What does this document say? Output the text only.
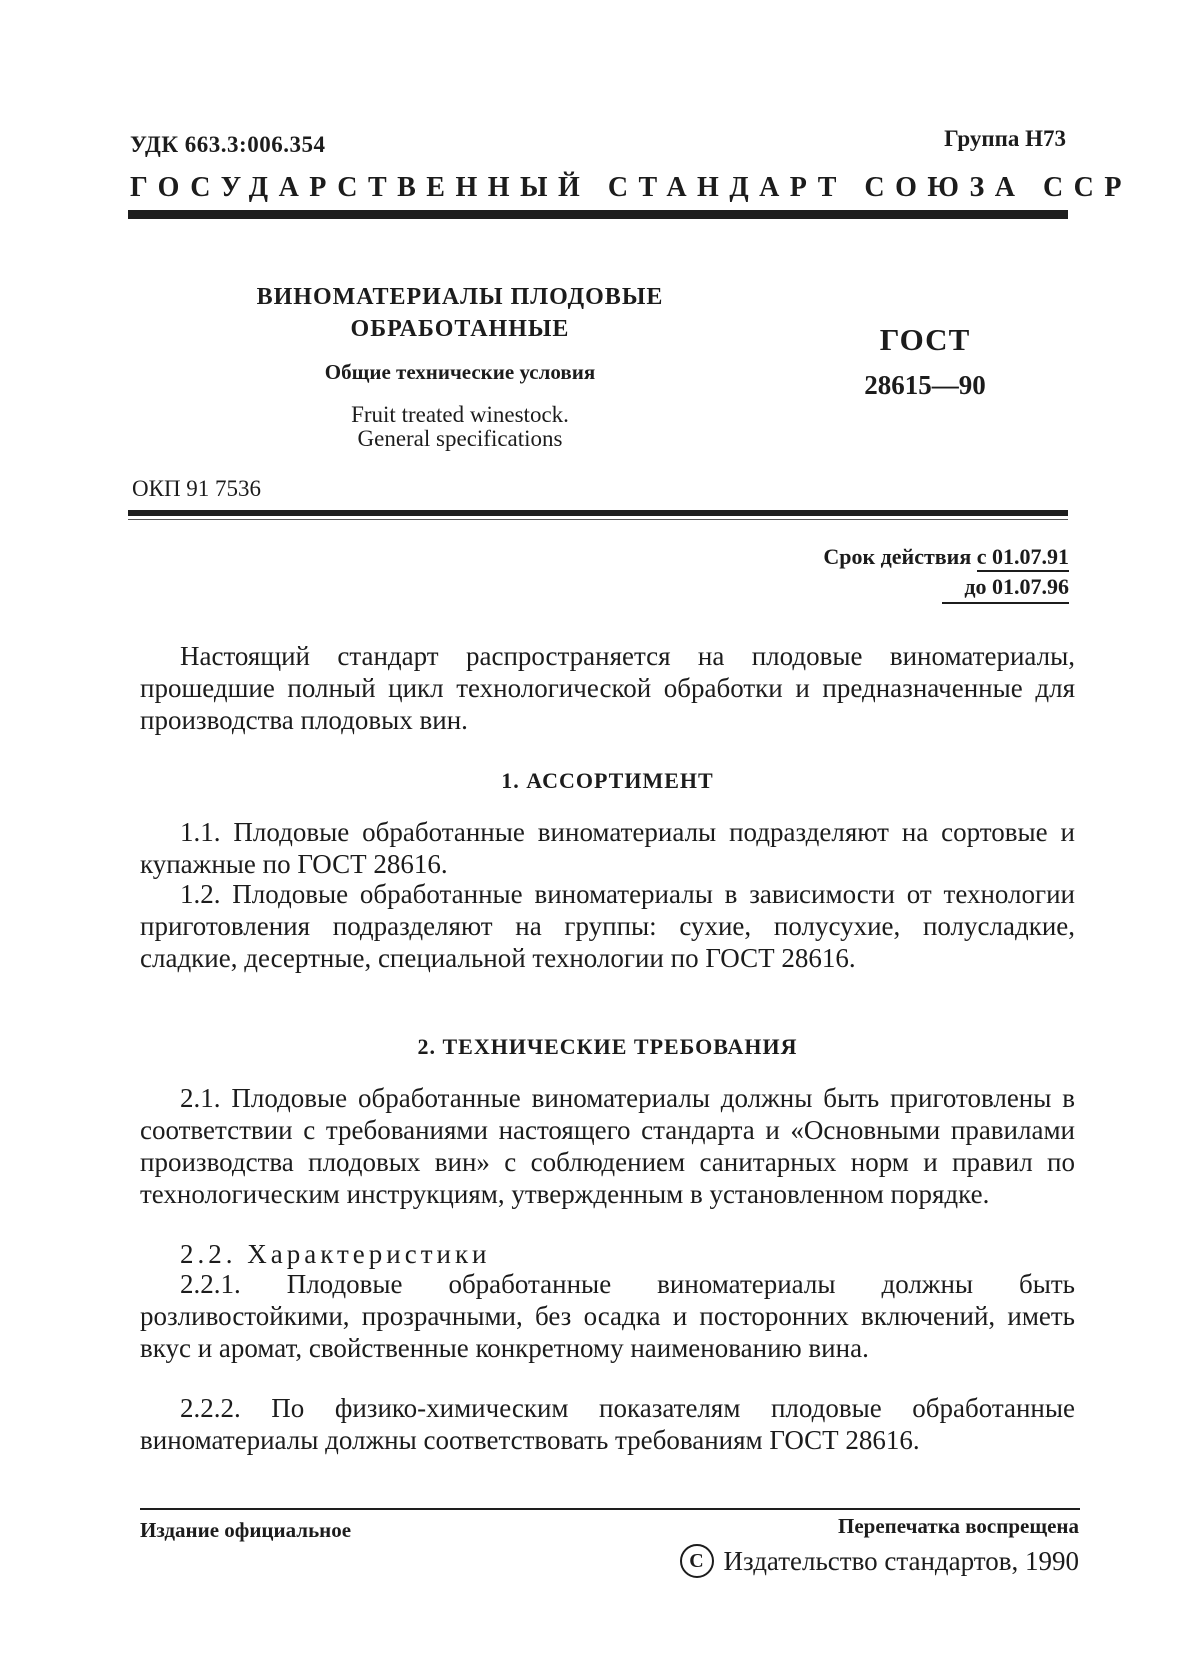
УДК 663.3:006.354	Группа Н73
ГОСУДАРСТВЕННЫЙ СТАНДАРТ СОЮЗА ССР
ВИНОМАТЕРИАЛЫ ПЛОДОВЫЕ
ОБРАБОТАННЫЕ
Общие технические условия
Fruit treated winestock.
General specifications
ГОСТ
28615—90
ОКП 91 7536
Срок действия с 01.07.91
до 01.07.96
Настоящий стандарт распространяется на плодовые виноматериалы, прошедшие полный цикл технологической обработки и предназначенные для производства плодовых вин.
1. АССОРТИМЕНТ
1.1. Плодовые обработанные виноматериалы подразделяют на сортовые и купажные по ГОСТ 28616.
1.2. Плодовые обработанные виноматериалы в зависимости от технологии приготовления подразделяют на группы: сухие, полусухие, полусладкие, сладкие, десертные, специальной технологии по ГОСТ 28616.
2. ТЕХНИЧЕСКИЕ ТРЕБОВАНИЯ
2.1. Плодовые обработанные виноматериалы должны быть приготовлены в соответствии с требованиями настоящего стандарта и «Основными правилами производства плодовых вин» с соблюдением санитарных норм и правил по технологическим инструкциям, утвержденным в установленном порядке.
2.2. Характеристики
2.2.1. Плодовые обработанные виноматериалы должны быть розливостойкими, прозрачными, без осадка и посторонних включений, иметь вкус и аромат, свойственные конкретному наименованию вина.
2.2.2. По физико-химическим показателям плодовые обработанные виноматериалы должны соответствовать требованиям ГОСТ 28616.
Издание официальное	Перепечатка воспрещена
С Издательство стандартов, 1990
